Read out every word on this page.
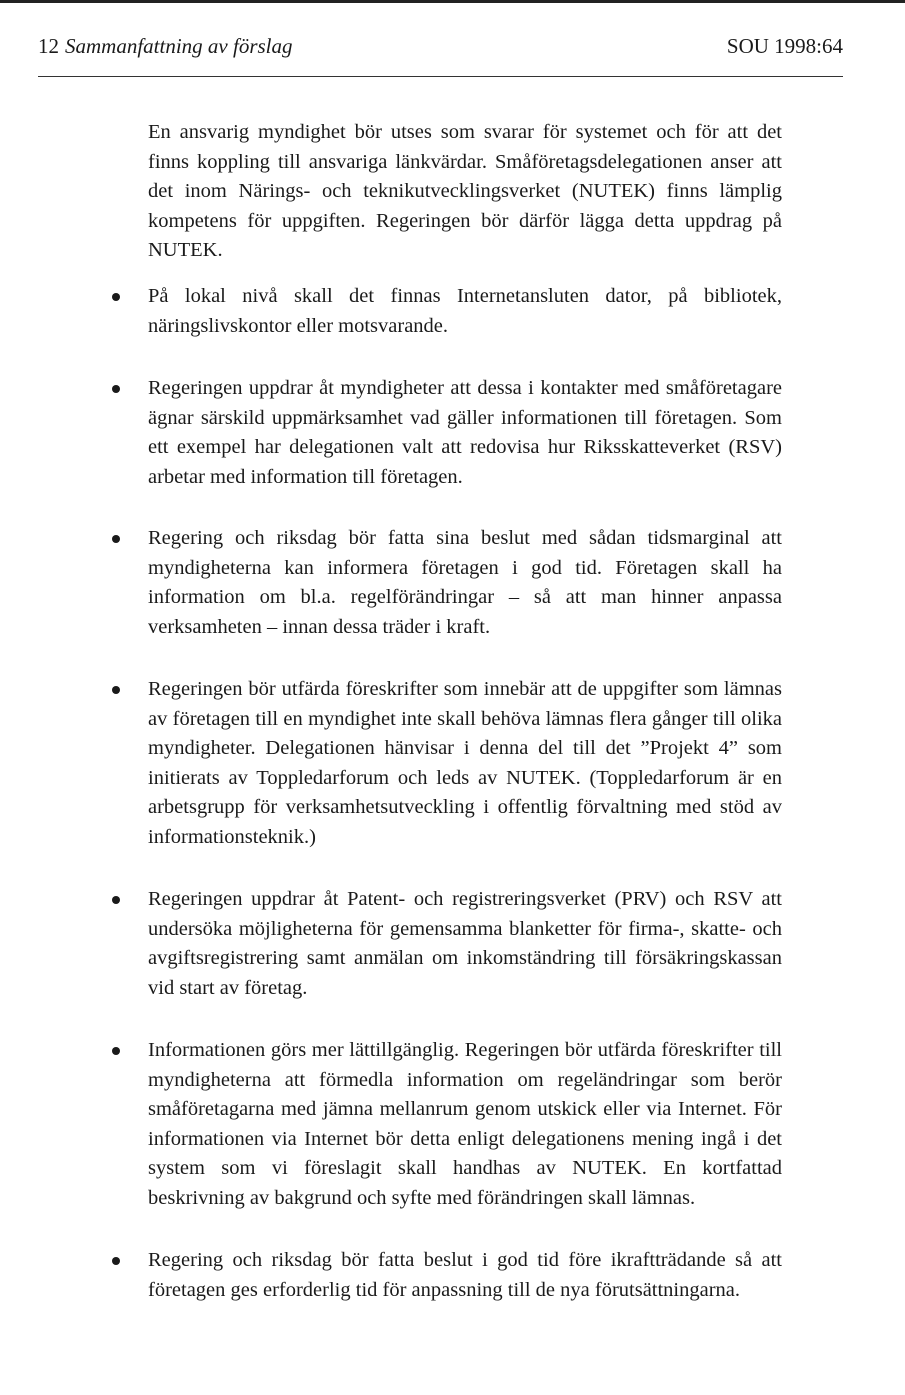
12 Sammanfattning av förslag	SOU 1998:64
En ansvarig myndighet bör utses som svarar för systemet och för att det finns koppling till ansvariga länkvärdar. Småföretagsdelegationen anser att det inom Närings- och teknikutvecklingsverket (NUTEK) finns lämplig kompetens för uppgiften. Regeringen bör därför lägga detta uppdrag på NUTEK.
På lokal nivå skall det finnas Internetansluten dator, på bibliotek, näringslivskontor eller motsvarande.
Regeringen uppdrar åt myndigheter att dessa i kontakter med småföretagare ägnar särskild uppmärksamhet vad gäller informationen till företagen. Som ett exempel har delegationen valt att redovisa hur Riksskatteverket (RSV) arbetar med information till företagen.
Regering och riksdag bör fatta sina beslut med sådan tidsmarginal att myndigheterna kan informera företagen i god tid. Företagen skall ha information om bl.a. regelförändringar – så att man hinner anpassa verksamheten – innan dessa träder i kraft.
Regeringen bör utfärda föreskrifter som innebär att de uppgifter som lämnas av företagen till en myndighet inte skall behöva lämnas flera gånger till olika myndigheter. Delegationen hänvisar i denna del till det ”Projekt 4” som initierats av Toppledarforum och leds av NUTEK. (Toppledarforum är en arbetsgrupp för verksamhetsutveckling i offentlig förvaltning med stöd av informationsteknik.)
Regeringen uppdrar åt Patent- och registreringsverket (PRV) och RSV att undersöka möjligheterna för gemensamma blanketter för firma-, skatte- och avgiftsregistrering samt anmälan om inkomständring till försäkringskassan vid start av företag.
Informationen görs mer lättillgänglig. Regeringen bör utfärda föreskrifter till myndigheterna att förmedla information om regeländringar som berör småföretagarna med jämna mellanrum genom utskick eller via Internet. För informationen via Internet bör detta enligt delegationens mening ingå i det system som vi föreslagit skall handhas av NUTEK. En kortfattad beskrivning av bakgrund och syfte med förändringen skall lämnas.
Regering och riksdag bör fatta beslut i god tid före ikraftträdande så att företagen ges erforderlig tid för anpassning till de nya förutsättningarna.
